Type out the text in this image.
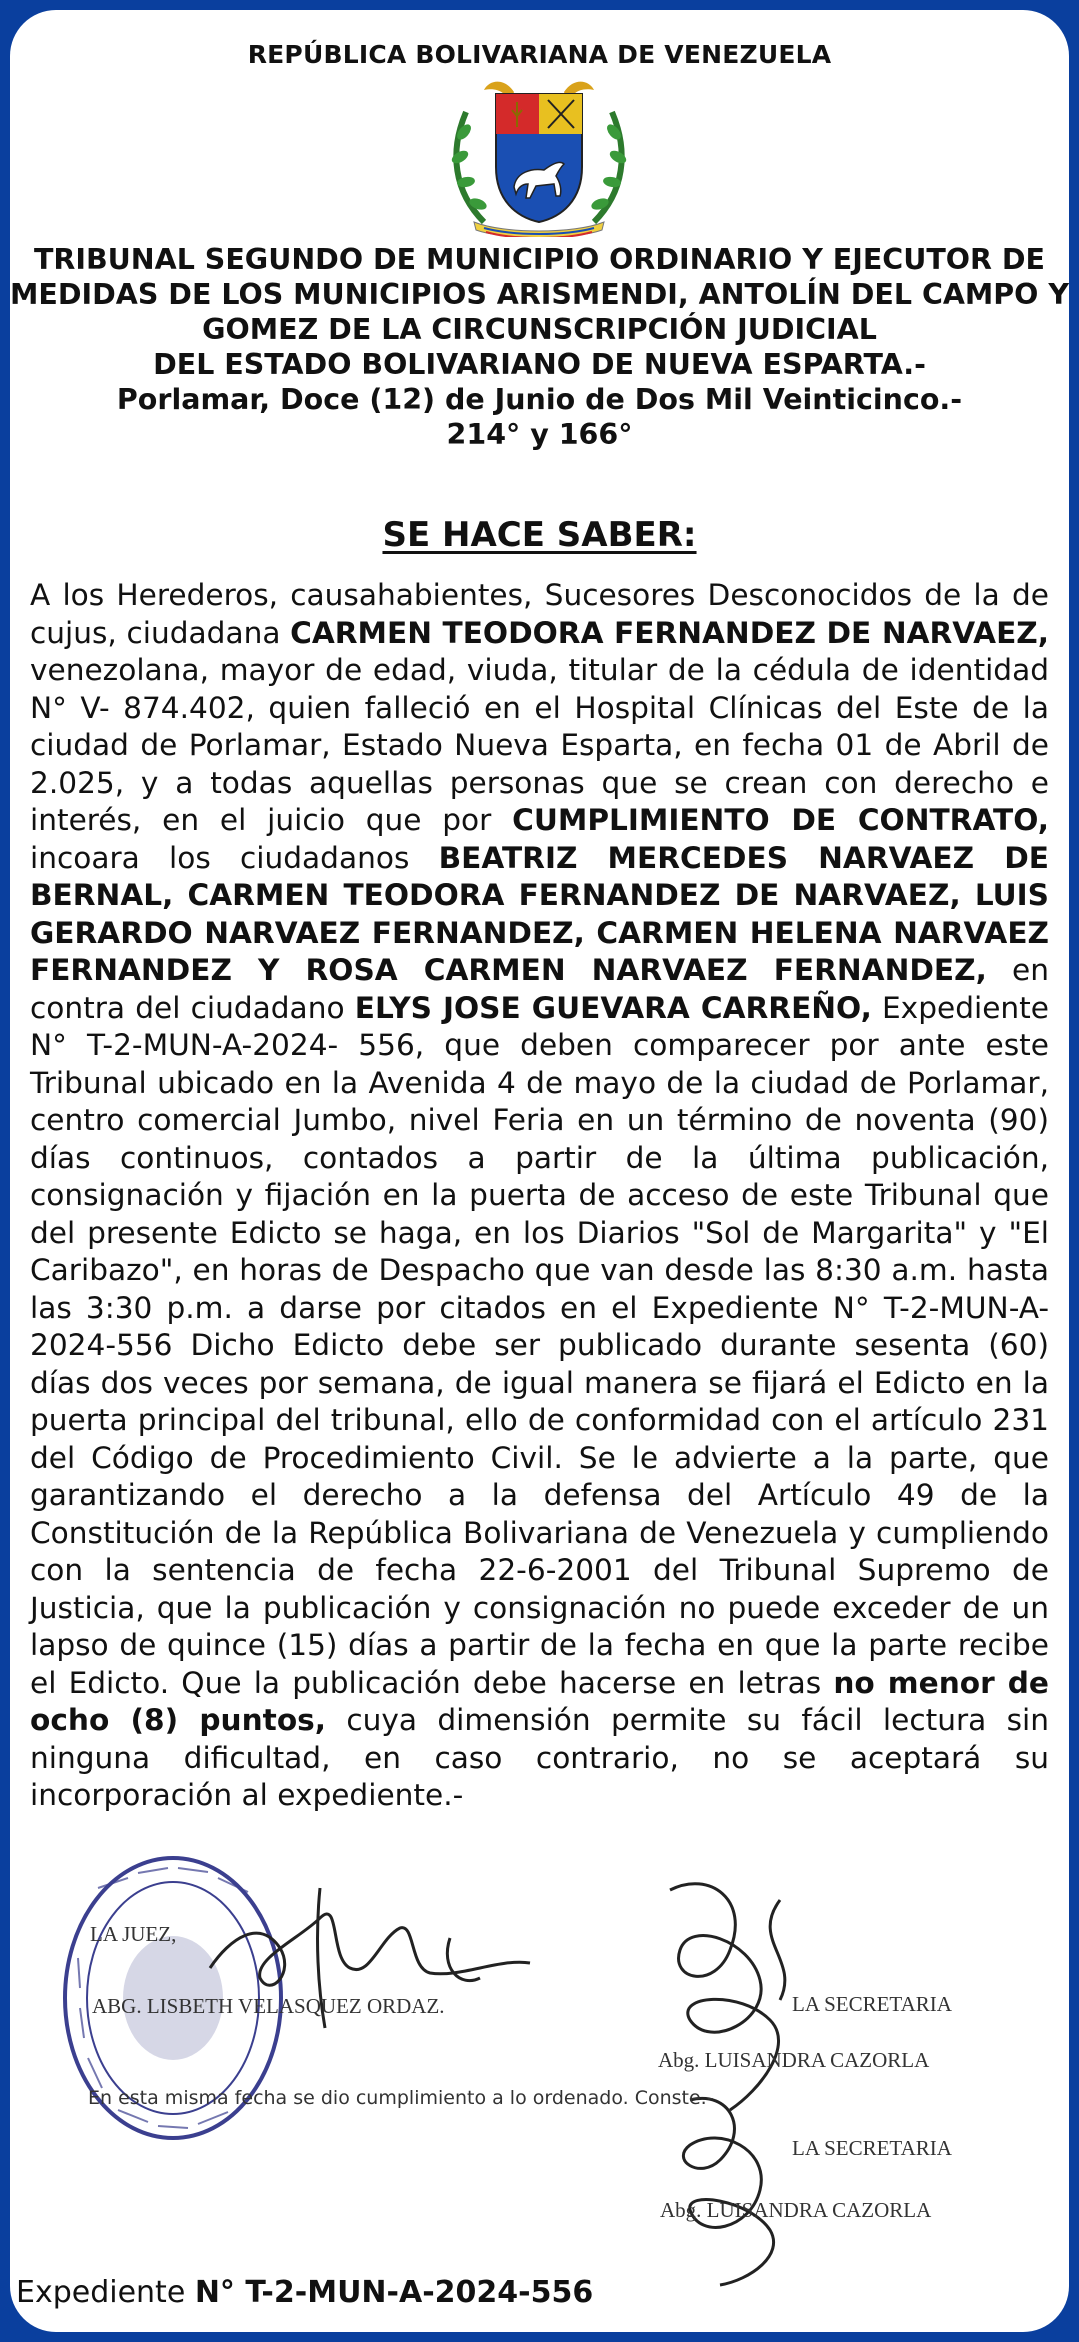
REPÚBLICA BOLIVARIANA DE VENEZUELA
TRIBUNAL SEGUNDO DE MUNICIPIO ORDINARIO Y EJECUTOR DE
MEDIDAS DE LOS MUNICIPIOS ARISMENDI, ANTOLÍN DEL CAMPO Y
GOMEZ DE LA CIRCUNSCRIPCIÓN JUDICIAL
DEL ESTADO BOLIVARIANO DE NUEVA ESPARTA.-
Porlamar, Doce (12) de Junio de Dos Mil Veinticinco.-
214° y 166°
SE HACE SABER:
A los Herederos, causahabientes, Sucesores Desconocidos de la de cujus, ciudadana CARMEN TEODORA FERNANDEZ DE NARVAEZ, venezolana, mayor de edad, viuda, titular de la cédula de identidad N° V- 874.402, quien falleció en el Hospital Clínicas del Este de la ciudad de Porlamar, Estado Nueva Esparta, en fecha 01 de Abril de 2.025, y a todas aquellas personas que se crean con derecho e interés, en el juicio que por CUMPLIMIENTO DE CONTRATO, incoara los ciudadanos BEATRIZ MERCEDES NARVAEZ DE BERNAL, CARMEN TEODORA FERNANDEZ DE NARVAEZ, LUIS GERARDO NARVAEZ FERNANDEZ, CARMEN HELENA NARVAEZ FERNANDEZ Y ROSA CARMEN NARVAEZ FERNANDEZ, en contra del ciudadano ELYS JOSE GUEVARA CARREÑO, Expediente N° T-2-MUN-A-2024- 556, que deben comparecer por ante este Tribunal ubicado en la Avenida 4 de mayo de la ciudad de Porlamar, centro comercial Jumbo, nivel Feria en un término de noventa (90) días continuos, contados a partir de la última publicación, consignación y fijación en la puerta de acceso de este Tribunal que del presente Edicto se haga, en los Diarios "Sol de Margarita" y "El Caribazo", en horas de Despacho que van desde las 8:30 a.m. hasta las 3:30 p.m. a darse por citados en el Expediente N° T-2-MUN-A-2024-556 Dicho Edicto debe ser publicado durante sesenta (60) días dos veces por semana, de igual manera se fijará el Edicto en la puerta principal del tribunal, ello de conformidad con el artículo 231 del Código de Procedimiento Civil. Se le advierte a la parte, que garantizando el derecho a la defensa del Artículo 49 de la Constitución de la República Bolivariana de Venezuela y cumpliendo con la sentencia de fecha 22-6-2001 del Tribunal Supremo de Justicia, que la publicación y consignación no puede exceder de un lapso de quince (15) días a partir de la fecha en que la parte recibe el Edicto. Que la publicación debe hacerse en letras no menor de ocho (8) puntos, cuya dimensión permite su fácil lectura sin ninguna dificultad, en caso contrario, no se aceptará su incorporación al expediente.-
LA JUEZ,
ABG. LISBETH VELASQUEZ ORDAZ.	LA SECRETARIA
Abg. LUISANDRA CAZORLA
En esta misma fecha se dio cumplimiento a lo ordenado. Conste.-
LA SECRETARIA
Abg. LUISANDRA CAZORLA
Expediente N° T-2-MUN-A-2024-556
